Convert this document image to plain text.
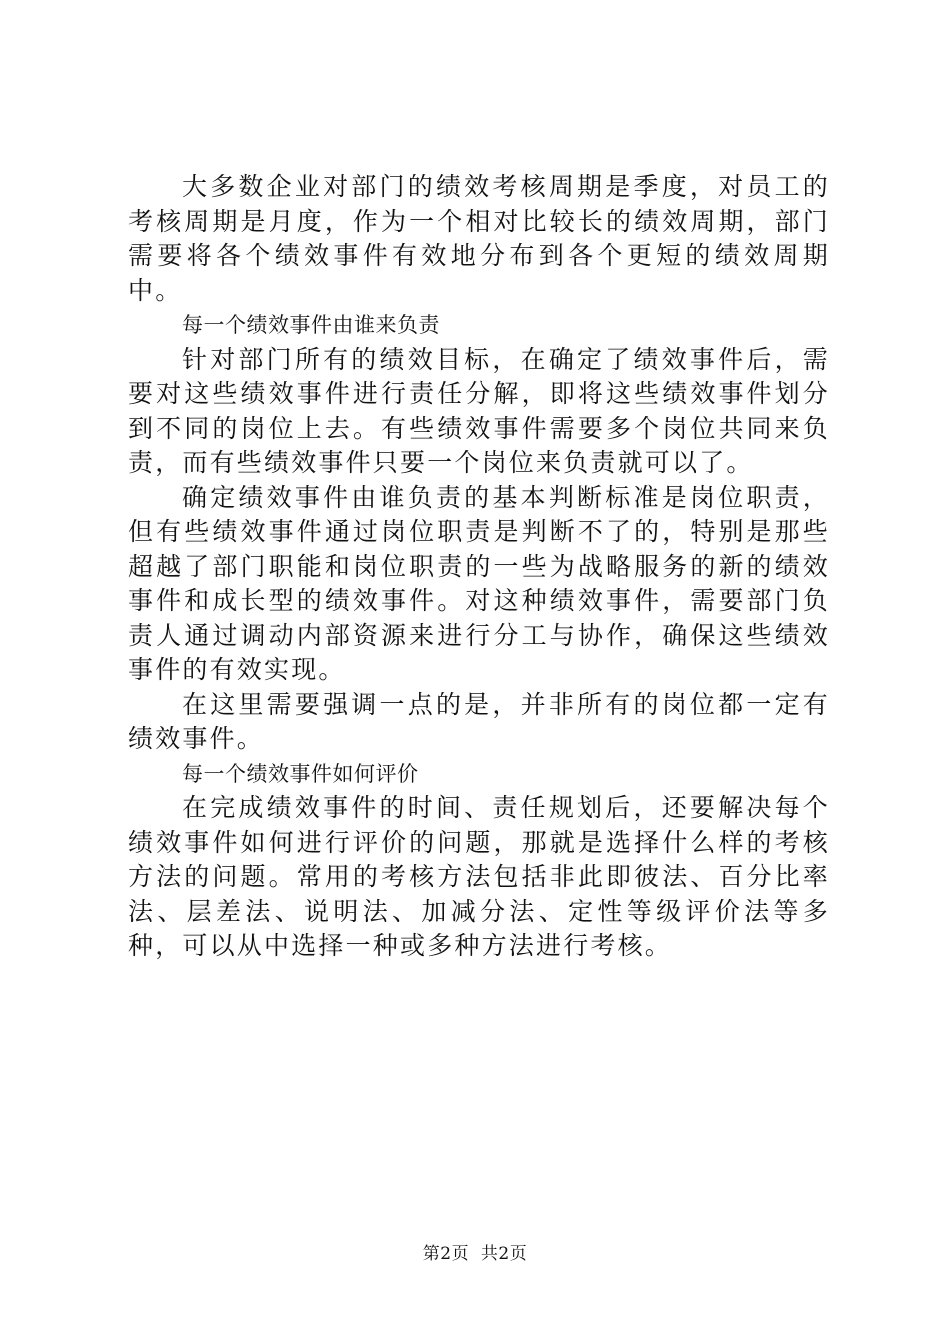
大多数企业对部门的绩效考核周期是季度，对员工的考核周期是月度，作为一个相对比较长的绩效周期，部门需要将各个绩效事件有效地分布到各个更短的绩效周期中。

每一个绩效事件由谁来负责

针对部门所有的绩效目标，在确定了绩效事件后，需要对这些绩效事件进行责任分解，即将这些绩效事件划分到不同的岗位上去。有些绩效事件需要多个岗位共同来负责，而有些绩效事件只要一个岗位来负责就可以了。

确定绩效事件由谁负责的基本判断标准是岗位职责，但有些绩效事件通过岗位职责是判断不了的，特别是那些超越了部门职能和岗位职责的一些为战略服务的新的绩效事件和成长型的绩效事件。对这种绩效事件，需要部门负责人通过调动内部资源来进行分工与协作，确保这些绩效事件的有效实现。

在这里需要强调一点的是，并非所有的岗位都一定有绩效事件。

每一个绩效事件如何评价

在完成绩效事件的时间、责任规划后，还要解决每个绩效事件如何进行评价的问题，那就是选择什么样的考核方法的问题。常用的考核方法包括非此即彼法、百分比率法、层差法、说明法、加减分法、定性等级评价法等多种，可以从中选择一种或多种方法进行考核。

第2页 共2页
